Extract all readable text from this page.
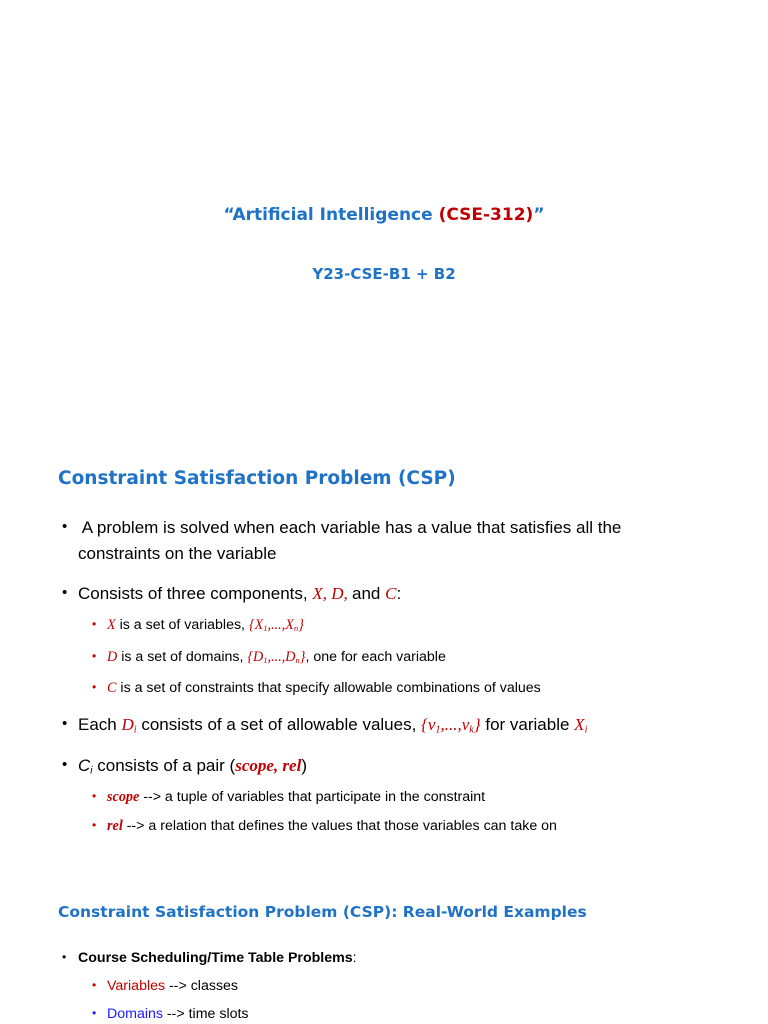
“Artificial Intelligence (CSE-312)”
Y23-CSE-B1 + B2
Constraint Satisfaction Problem (CSP)
• A problem is solved when each variable has a value that satisfies all the
constraints on the variable
• Consists of three components, X, D, and C:
• X is a set of variables, $\{X_1,...,X_n\}$
• D is a set of domains, $\{D_1,...,D_n\}$, one for each variable
• C is a set of constraints that specify allowable combinations of values
• Each $D_i$ consists of a set of allowable values, $\{v_1,...,v_k\}$ for variable $X_i$
• $C_i$ consists of a pair (scope, rel)
• scope --> a tuple of variables that participate in the constraint
• rel --> a relation that defines the values that those variables can take on
Constraint Satisfaction Problem (CSP): Real-World Examples
• Course Scheduling/Time Table Problems:
• Variables --> classes
• Domains --> time slots
